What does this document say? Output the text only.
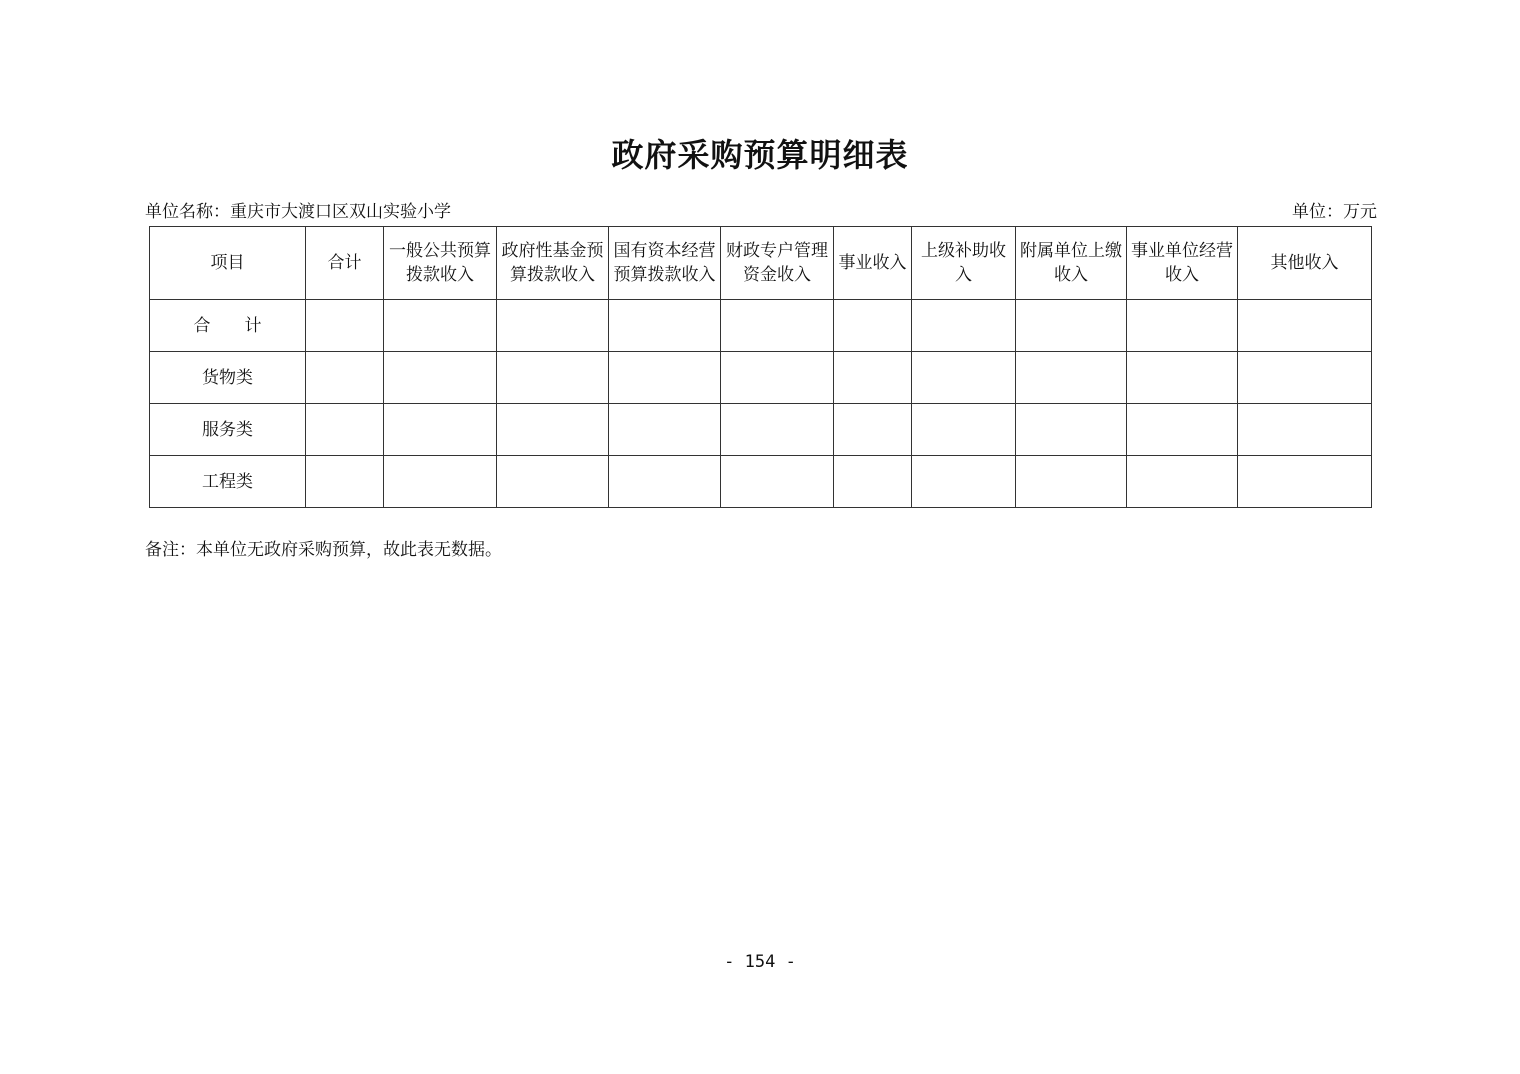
政府采购预算明细表
单位名称：重庆市大渡口区双山实验小学	单位：万元
项目	合计	一般公共预算拨款收入	政府性基金预算拨款收入	国有资本经营预算拨款收入	财政专户管理资金收入	事业收入	上级补助收入	附属单位上缴收入	事业单位经营收入	其他收入
合　　计										
货物类										
服务类										
工程类										
备注：本单位无政府采购预算，故此表无数据。
- 154 -
